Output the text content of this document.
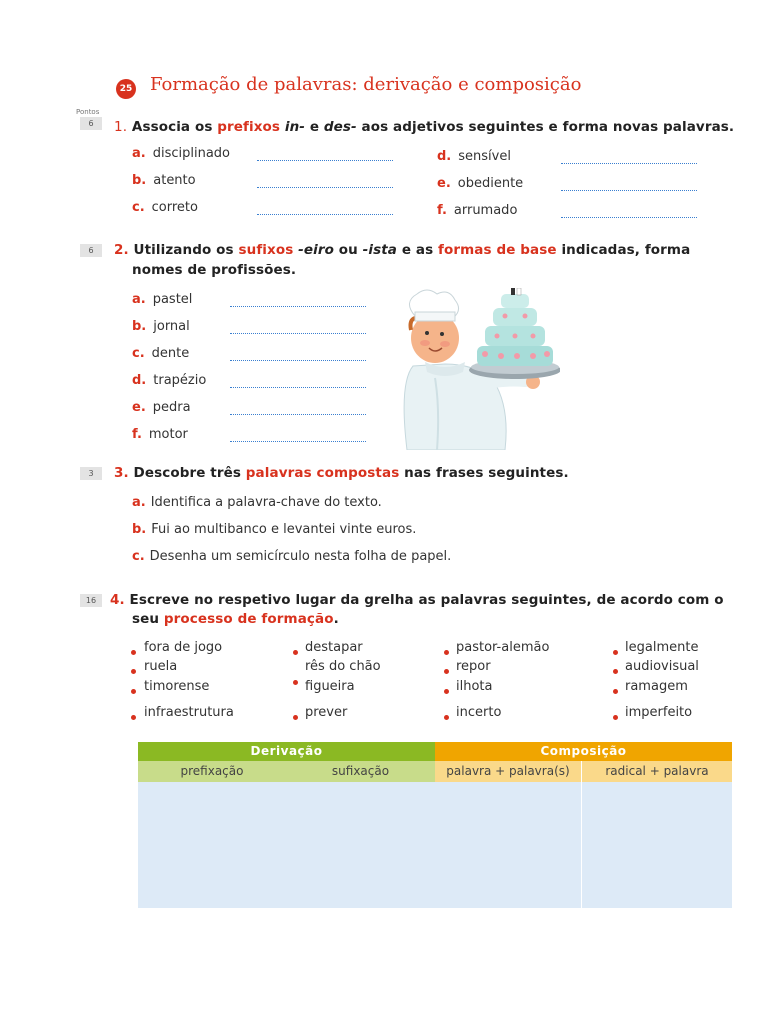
25 Formação de palavras: derivação e composição
Pontos
6	1. Associa os prefixos in- e des- aos adjetivos seguintes e forma novas palavras.
a. disciplinado
b. atento
c. correto
d. sensível
e. obediente
f. arrumado
6	2. Utilizando os sufixos -eiro ou -ista e as formas de base indicadas, forma
nomes de profissões.
a. pastel
b. jornal
c. dente
d. trapézio
e. pedra
f. motor
3	3. Descobre três palavras compostas nas frases seguintes.
a. Identifica a palavra-chave do texto.
b. Fui ao multibanco e levantei vinte euros.
c. Desenha um semicírculo nesta folha de papel.
16	4. Escreve no respetivo lugar da grelha as palavras seguintes, de acordo com o
seu processo de formação.
fora de jogo	destapar	pastor-alemão	legalmente
ruela	rês do chão	repor	audiovisual
timorense	figueira	ilhota	ramagem
infraestrutura	prever	incerto	imperfeito
Derivação	Composição
prefixação	sufixação	palavra + palavra(s)	radical + palavra
